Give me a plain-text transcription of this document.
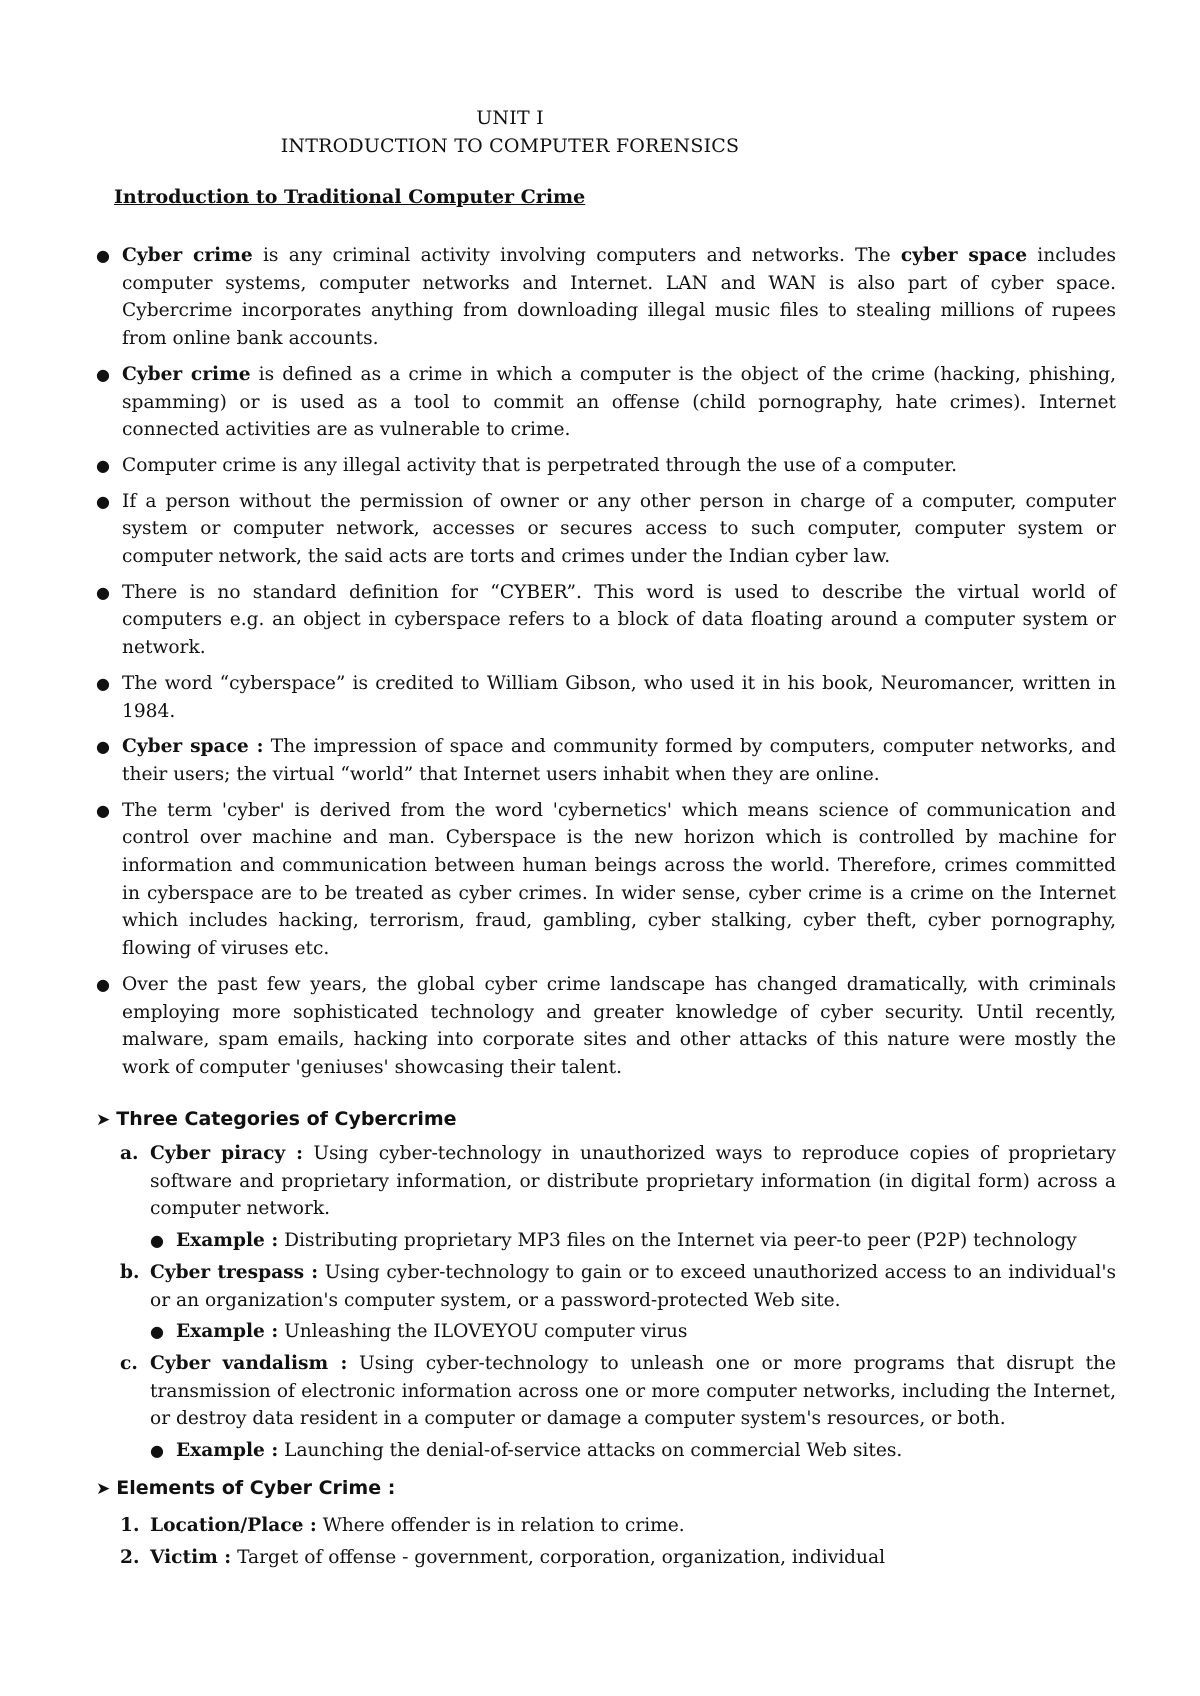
UNIT I
INTRODUCTION TO COMPUTER FORENSICS
Introduction to Traditional Computer Crime
● Cyber crime is any criminal activity involving computers and networks. The cyber space includes computer systems, computer networks and Internet. LAN and WAN is also part of cyber space. Cybercrime incorporates anything from downloading illegal music files to stealing millions of rupees from online bank accounts.
● Cyber crime is defined as a crime in which a computer is the object of the crime (hacking, phishing, spamming) or is used as a tool to commit an offense (child pornography, hate crimes). Internet connected activities are as vulnerable to crime.
● Computer crime is any illegal activity that is perpetrated through the use of a computer.
● If a person without the permission of owner or any other person in charge of a computer, computer system or computer network, accesses or secures access to such computer, computer system or computer network, the said acts are torts and crimes under the Indian cyber law.
● There is no standard definition for “CYBER”. This word is used to describe the virtual world of computers e.g. an object in cyberspace refers to a block of data floating around a computer system or network.
● The word “cyberspace” is credited to William Gibson, who used it in his book, Neuromancer, written in 1984.
● Cyber space : The impression of space and community formed by computers, computer networks, and their users; the virtual “world” that Internet users inhabit when they are online.
● The term 'cyber' is derived from the word 'cybernetics' which means science of communication and control over machine and man. Cyberspace is the new horizon which is controlled by machine for information and communication between human beings across the world. Therefore, crimes committed in cyberspace are to be treated as cyber crimes. In wider sense, cyber crime is a crime on the Internet which includes hacking, terrorism, fraud, gambling, cyber stalking, cyber theft, cyber pornography, flowing of viruses etc.
● Over the past few years, the global cyber crime landscape has changed dramatically, with criminals employing more sophisticated technology and greater knowledge of cyber security. Until recently, malware, spam emails, hacking into corporate sites and other attacks of this nature were mostly the work of computer 'geniuses' showcasing their talent.
➤ Three Categories of Cybercrime
a. Cyber piracy : Using cyber-technology in unauthorized ways to reproduce copies of proprietary software and proprietary information, or distribute proprietary information (in digital form) across a computer network.
● Example : Distributing proprietary MP3 files on the Internet via peer-to peer (P2P) technology
b. Cyber trespass : Using cyber-technology to gain or to exceed unauthorized access to an individual's or an organization's computer system, or a password-protected Web site.
● Example : Unleashing the ILOVEYOU computer virus
c. Cyber vandalism : Using cyber-technology to unleash one or more programs that disrupt the transmission of electronic information across one or more computer networks, including the Internet, or destroy data resident in a computer or damage a computer system's resources, or both.
● Example : Launching the denial-of-service attacks on commercial Web sites.
➤ Elements of Cyber Crime :
1. Location/Place : Where offender is in relation to crime.
2. Victim : Target of offense - government, corporation, organization, individual
